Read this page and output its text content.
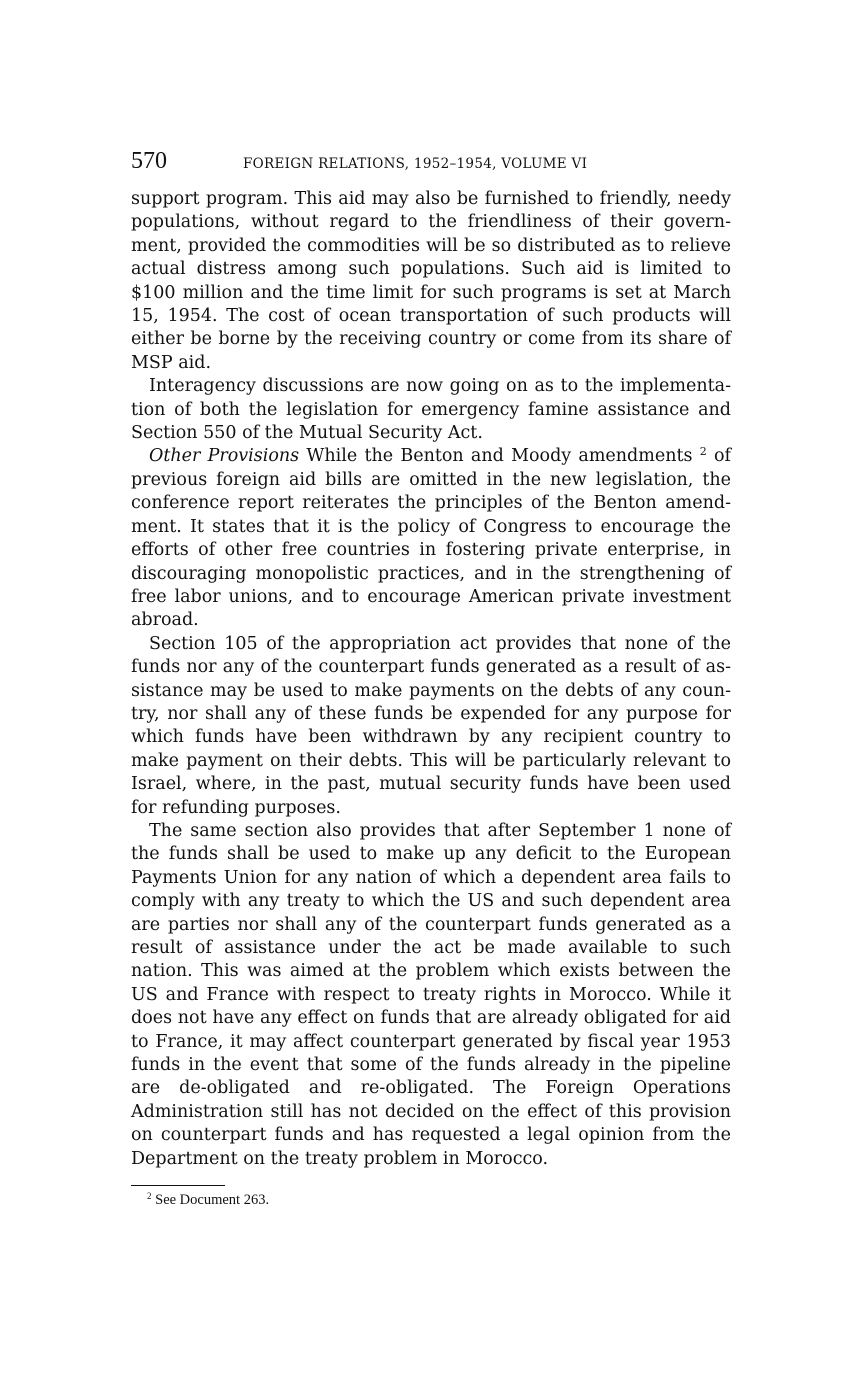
570	FOREIGN RELATIONS, 1952–1954, VOLUME VI

support program. This aid may also be furnished to friendly, needy populations, without regard to the friendliness of their government, provided the commodities will be so distributed as to relieve actual distress among such populations. Such aid is limited to $100 million and the time limit for such programs is set at March 15, 1954. The cost of ocean transportation of such products will either be borne by the receiving country or come from its share of MSP aid.

Interagency discussions are now going on as to the implementation of both the legislation for emergency famine assistance and Section 550 of the Mutual Security Act.

Other Provisions While the Benton and Moody amendments $^2$ of previous foreign aid bills are omitted in the new legislation, the conference report reiterates the principles of the Benton amendment. It states that it is the policy of Congress to encourage the efforts of other free countries in fostering private enterprise, in discouraging monopolistic practices, and in the strengthening of free labor unions, and to encourage American private investment abroad.

Section 105 of the appropriation act provides that none of the funds nor any of the counterpart funds generated as a result of assistance may be used to make payments on the debts of any country, nor shall any of these funds be expended for any purpose for which funds have been withdrawn by any recipient country to make payment on their debts. This will be particularly relevant to Israel, where, in the past, mutual security funds have been used for refunding purposes.

The same section also provides that after September 1 none of the funds shall be used to make up any deficit to the European Payments Union for any nation of which a dependent area fails to comply with any treaty to which the US and such dependent area are parties nor shall any of the counterpart funds generated as a result of assistance under the act be made available to such nation. This was aimed at the problem which exists between the US and France with respect to treaty rights in Morocco. While it does not have any effect on funds that are already obligated for aid to France, it may affect counterpart generated by fiscal year 1953 funds in the event that some of the funds already in the pipeline are de-obligated and re-obligated. The Foreign Operations Administration still has not decided on the effect of this provision on counterpart funds and has requested a legal opinion from the Department on the treaty problem in Morocco.

$^2$ See Document 263.
